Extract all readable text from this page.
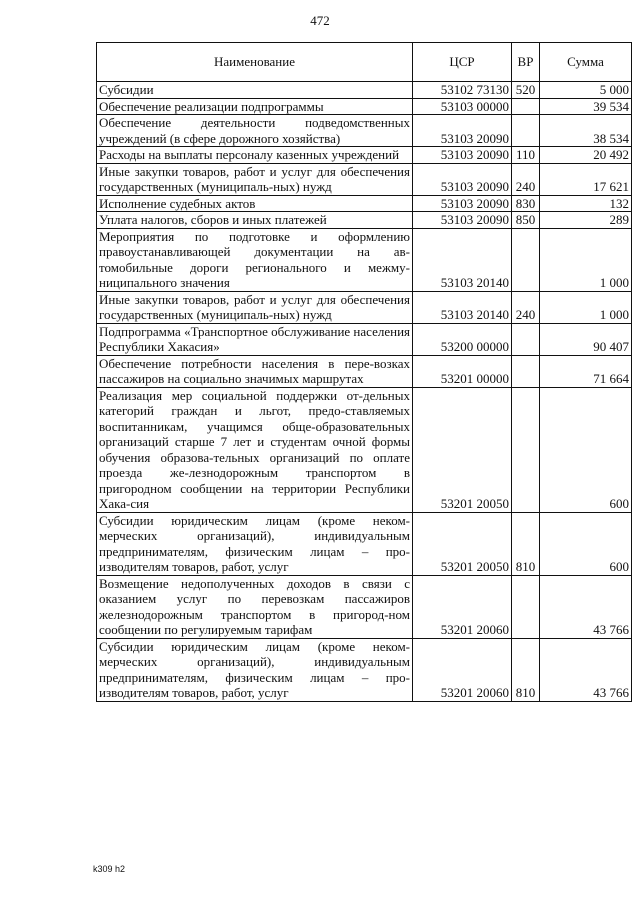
472
Наименование	ЦСР	ВР	Сумма
Субсидии	53102 73130	520	5 000
Обеспечение реализации подпрограммы	53103 00000		39 534
Обеспечение деятельности подведомственных учреждений (в сфере дорожного хозяйства)	53103 20090		38 534
Расходы на выплаты персоналу казенных учреждений	53103 20090	110	20 492
Иные закупки товаров, работ и услуг для обеспечения государственных (муниципаль-ных) нужд	53103 20090	240	17 621
Исполнение судебных актов	53103 20090	830	132
Уплата налогов, сборов и иных платежей	53103 20090	850	289
Мероприятия по подготовке и оформлению правоустанавливающей документации на ав-томобильные дороги регионального и межму-ниципального значения	53103 20140		1 000
Иные закупки товаров, работ и услуг для обеспечения государственных (муниципаль-ных) нужд	53103 20140	240	1 000
Подпрограмма «Транспортное обслуживание населения Республики Хакасия»	53200 00000		90 407
Обеспечение потребности населения в пере-возках пассажиров на социально значимых маршрутах	53201 00000		71 664
Реализация мер социальной поддержки от-дельных категорий граждан и льгот, предо-ставляемых воспитанникам, учащимся обще-образовательных организаций старше 7 лет и студентам очной формы обучения образова-тельных организаций по оплате проезда же-лезнодорожным транспортом в пригородном сообщении на территории Республики Хака-сия	53201 20050		600
Субсидии юридическим лицам (кроме неком-мерческих организаций), индивидуальным предпринимателям, физическим лицам – про-изводителям товаров, работ, услуг	53201 20050	810	600
Возмещение недополученных доходов в связи с оказанием услуг по перевозкам пассажиров железнодорожным транспортом в пригород-ном сообщении по регулируемым тарифам	53201 20060		43 766
Субсидии юридическим лицам (кроме неком-мерческих организаций), индивидуальным предпринимателям, физическим лицам – про-изводителям товаров, работ, услуг	53201 20060	810	43 766
k309 h2
